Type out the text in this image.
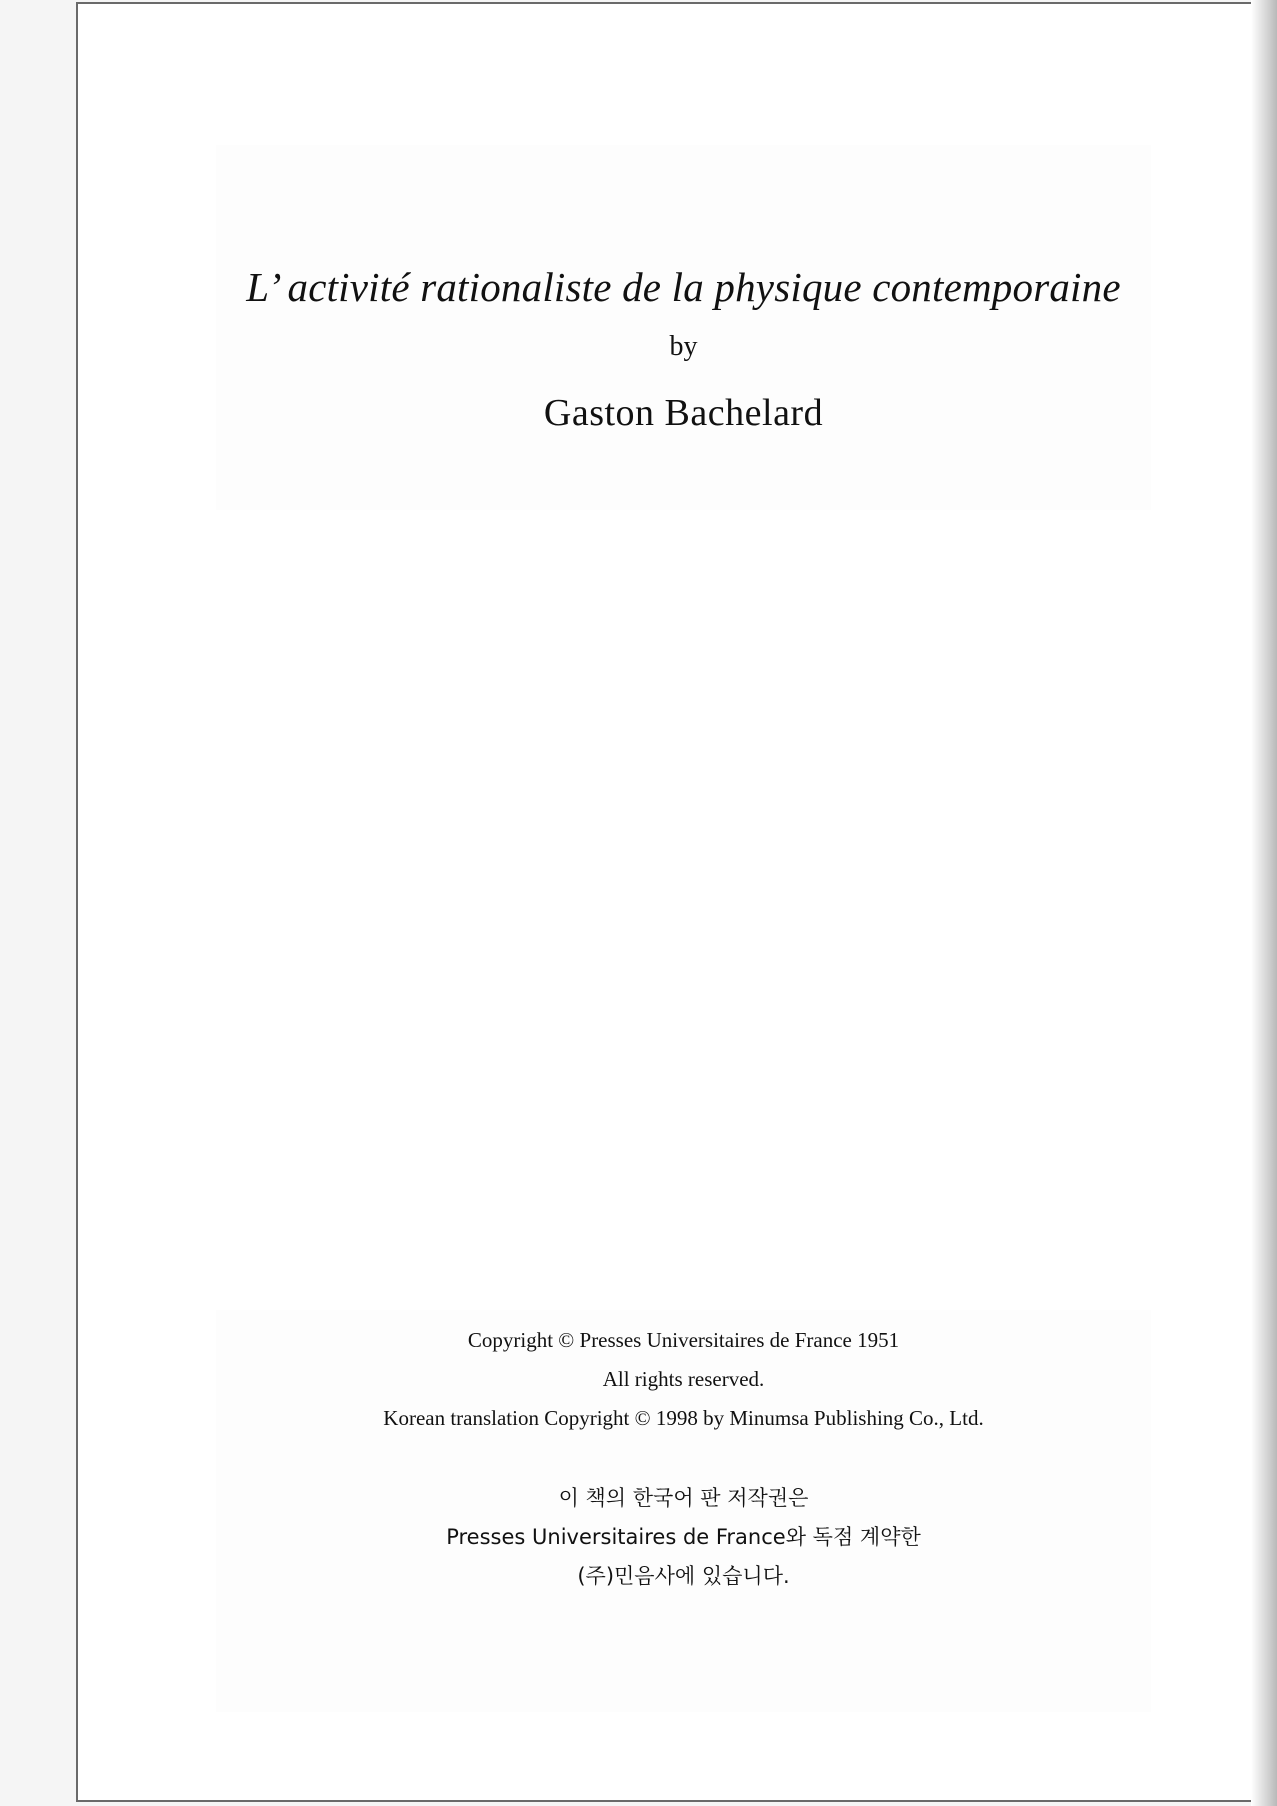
L’ activité rationaliste de la physique contemporaine
by
Gaston Bachelard
Copyright © Presses Universitaires de France 1951
All rights reserved.
Korean translation Copyright © 1998 by Minumsa Publishing Co., Ltd.
이 책의 한국어 판 저작권은
Presses Universitaires de France와 독점 계약한
(주)민음사에 있습니다.
